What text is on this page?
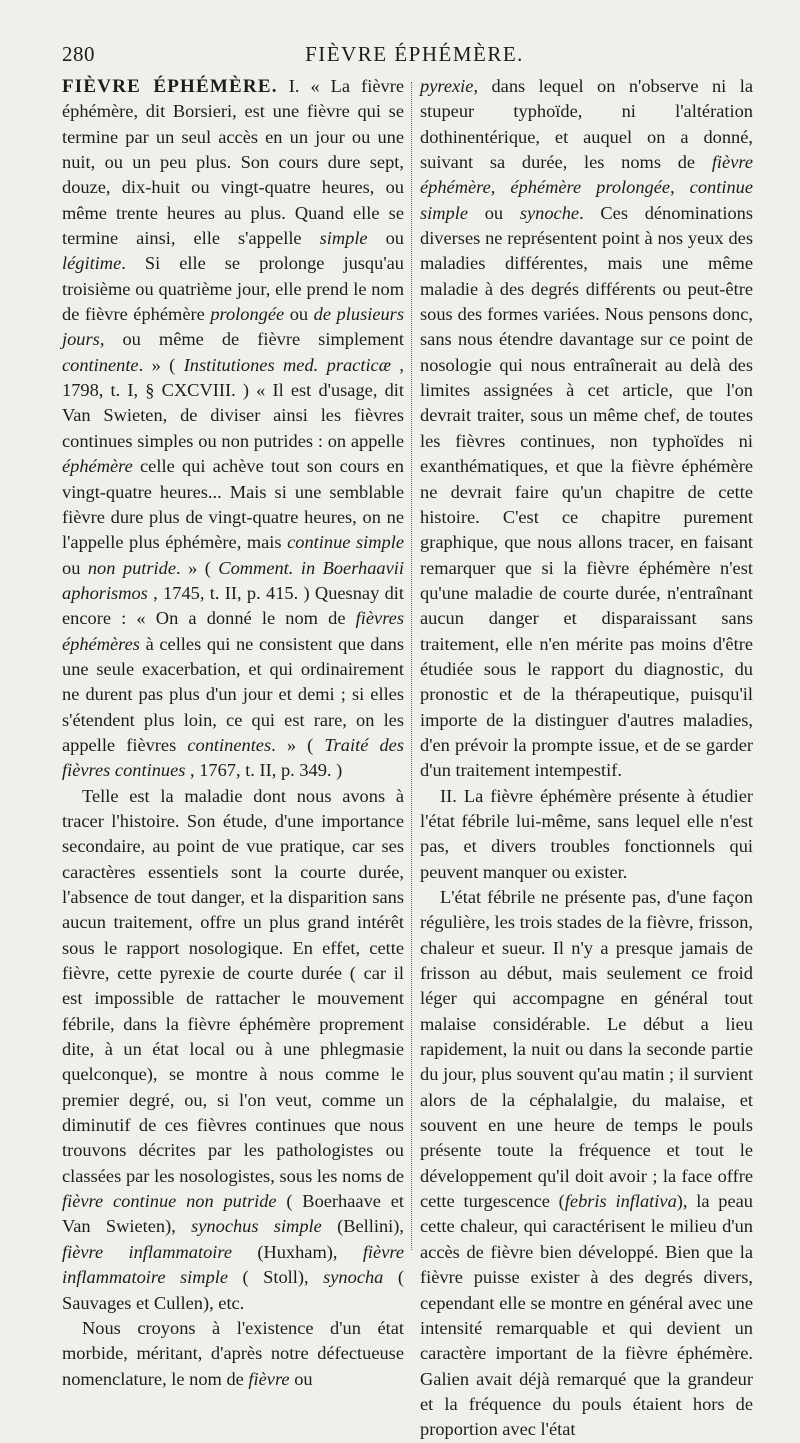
280	FIÈVRE ÉPHÉMÈRE.

FIÈVRE ÉPHÉMÈRE. I. « La fièvre éphémère, dit Borsieri, est une fièvre qui se termine par un seul accès en un jour ou une nuit, ou un peu plus. Son cours dure sept, douze, dix-huit ou vingt-quatre heures, ou même trente heures au plus. Quand elle se termine ainsi, elle s'appelle simple ou légitime. Si elle se prolonge jusqu'au troisième ou quatrième jour, elle prend le nom de fièvre éphémère prolongée ou de plusieurs jours, ou même de fièvre simplement continente. » ( Institutiones med. practicæ , 1798, t. I, § CXCVIII. ) « Il est d'usage, dit Van Swieten, de diviser ainsi les fièvres continues simples ou non putrides : on appelle éphémère celle qui achève tout son cours en vingt-quatre heures... Mais si une semblable fièvre dure plus de vingt-quatre heures, on ne l'appelle plus éphémère, mais continue simple ou non putride. » ( Comment. in Boerhaavii aphorismos , 1745, t. II, p. 415. ) Quesnay dit encore : « On a donné le nom de fièvres éphémères à celles qui ne consistent que dans une seule exacerbation, et qui ordinairement ne durent pas plus d'un jour et demi ; si elles s'étendent plus loin, ce qui est rare, on les appelle fièvres continentes. » ( Traité des fièvres continues , 1767, t. II, p. 349. )

Telle est la maladie dont nous avons à tracer l'histoire. Son étude, d'une importance secondaire, au point de vue pratique, car ses caractères essentiels sont la courte durée, l'absence de tout danger, et la disparition sans aucun traitement, offre un plus grand intérêt sous le rapport nosologique. En effet, cette fièvre, cette pyrexie de courte durée ( car il est impossible de rattacher le mouvement fébrile, dans la fièvre éphémère proprement dite, à un état local ou à une phlegmasie quelconque), se montre à nous comme le premier degré, ou, si l'on veut, comme un diminutif de ces fièvres continues que nous trouvons décrites par les pathologistes ou classées par les nosologistes, sous les noms de fièvre continue non putride ( Boerhaave et Van Swieten), synochus simple (Bellini), fièvre inflammatoire (Huxham), fièvre inflammatoire simple ( Stoll), synocha ( Sauvages et Cullen), etc.

Nous croyons à l'existence d'un état morbide, méritant, d'après notre défectueuse nomenclature, le nom de fièvre ou

pyrexie, dans lequel on n'observe ni la stupeur typhoïde, ni l'altération dothinentérique, et auquel on a donné, suivant sa durée, les noms de fièvre éphémère, éphémère prolongée, continue simple ou synoche. Ces dénominations diverses ne représentent point à nos yeux des maladies différentes, mais une même maladie à des degrés différents ou peut-être sous des formes variées. Nous pensons donc, sans nous étendre davantage sur ce point de nosologie qui nous entraînerait au delà des limites assignées à cet article, que l'on devrait traiter, sous un même chef, de toutes les fièvres continues, non typhoïdes ni exanthématiques, et que la fièvre éphémère ne devrait faire qu'un chapitre de cette histoire. C'est ce chapitre purement graphique, que nous allons tracer, en faisant remarquer que si la fièvre éphémère n'est qu'une maladie de courte durée, n'entraînant aucun danger et disparaissant sans traitement, elle n'en mérite pas moins d'être étudiée sous le rapport du diagnostic, du pronostic et de la thérapeutique, puisqu'il importe de la distinguer d'autres maladies, d'en prévoir la prompte issue, et de se garder d'un traitement intempestif.

II. La fièvre éphémère présente à étudier l'état fébrile lui-même, sans lequel elle n'est pas, et divers troubles fonctionnels qui peuvent manquer ou exister.

L'état fébrile ne présente pas, d'une façon régulière, les trois stades de la fièvre, frisson, chaleur et sueur. Il n'y a presque jamais de frisson au début, mais seulement ce froid léger qui accompagne en général tout malaise considérable. Le début a lieu rapidement, la nuit ou dans la seconde partie du jour, plus souvent qu'au matin ; il survient alors de la céphalalgie, du malaise, et souvent en une heure de temps le pouls présente toute la fréquence et tout le développement qu'il doit avoir ; la face offre cette turgescence (febris inflativa), la peau cette chaleur, qui caractérisent le milieu d'un accès de fièvre bien développé. Bien que la fièvre puisse exister à des degrés divers, cependant elle se montre en général avec une intensité remarquable et qui devient un caractère important de la fièvre éphémère. Galien avait déjà remarqué que la grandeur et la fréquence du pouls étaient hors de proportion avec l'état
